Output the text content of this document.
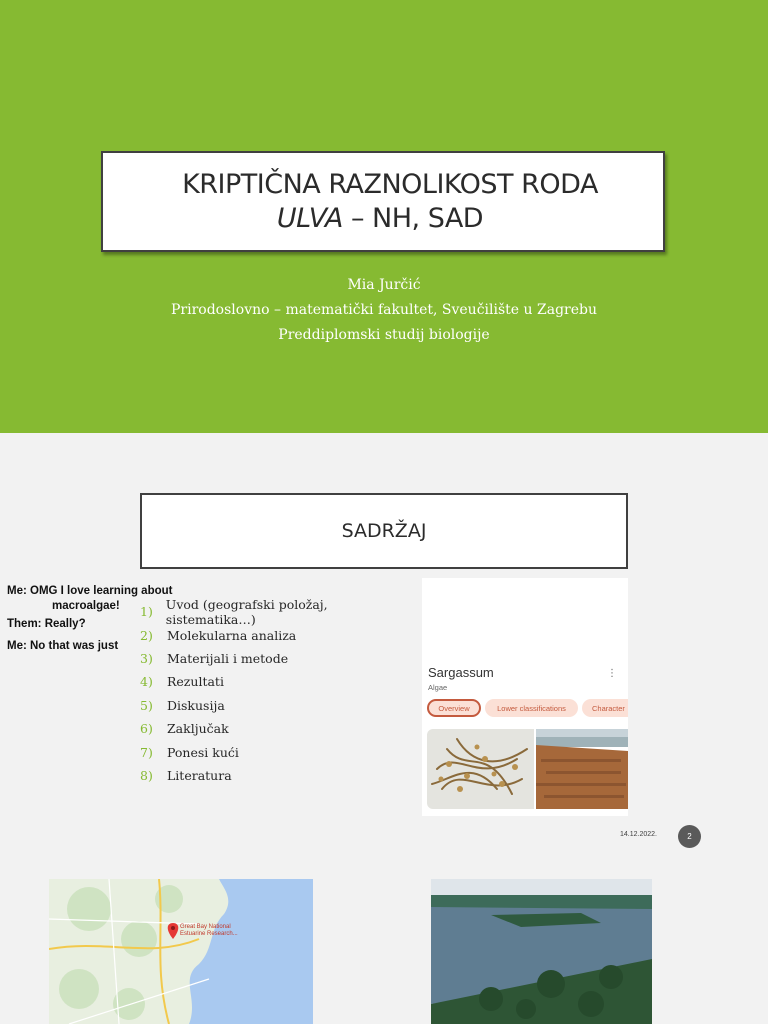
KRIPTIČNA RAZNOLIKOST RODA
ULVA – NH, SAD
Mia Jurčić
Prirodoslovno – matematički fakultet, Sveučilište u Zagrebu
Preddiplomski studij biologije
SADRŽAJ
1)	Uvod (geografski položaj, sistematika…)
2)	Molekularna analiza
3)	Materijali i metode
4)	Rezultati
5)	Diskusija
6)	Zaključak
7)	Ponesi kući
8)	Literatura
Me: OMG I love learning about
macroalgae!
Them: Really?
Me: No that was just
Sargassum
Algae
⋮
Overview	Lower classifications	Character
14.12.2022.	2
Great Bay National
Estuarine Research...
